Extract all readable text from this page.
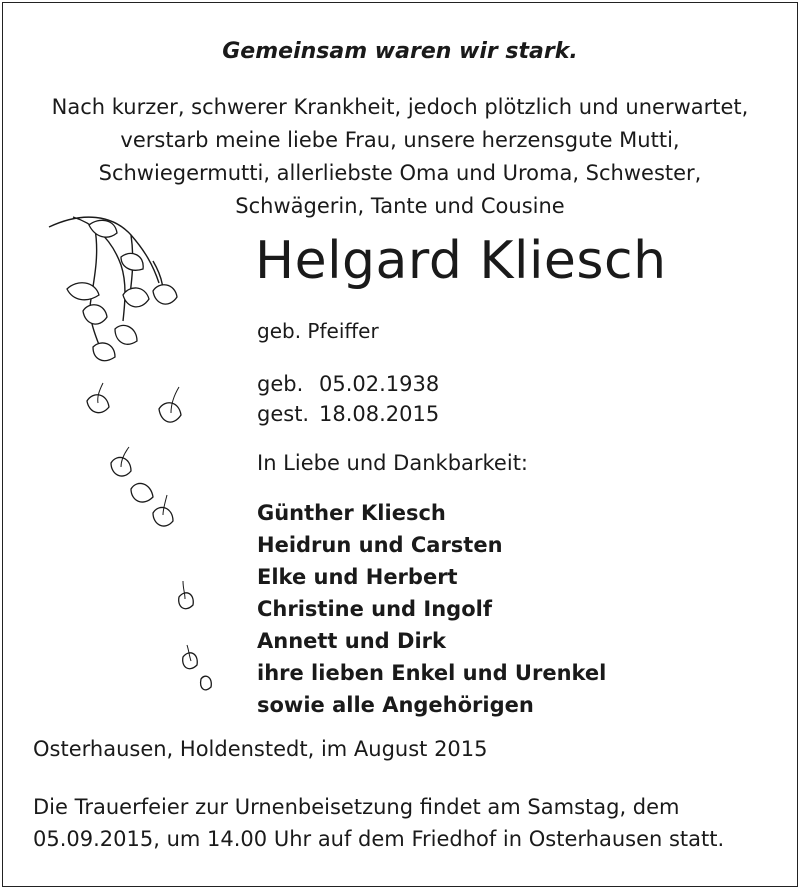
Gemeinsam waren wir stark.
Nach kurzer, schwerer Krankheit, jedoch plötzlich und unerwartet,
verstarb meine liebe Frau, unsere herzensgute Mutti,
Schwiegermutti, allerliebste Oma und Uroma, Schwester,
Schwägerin, Tante und Cousine
Helgard Kliesch
geb. Pfeiffer
geb. 05.02.1938
gest. 18.08.2015
In Liebe und Dankbarkeit:
Günther Kliesch
Heidrun und Carsten
Elke und Herbert
Christine und Ingolf
Annett und Dirk
ihre lieben Enkel und Urenkel
sowie alle Angehörigen
Osterhausen, Holdenstedt, im August 2015
Die Trauerfeier zur Urnenbeisetzung findet am Samstag, dem
05.09.2015, um 14.00 Uhr auf dem Friedhof in Osterhausen statt.
